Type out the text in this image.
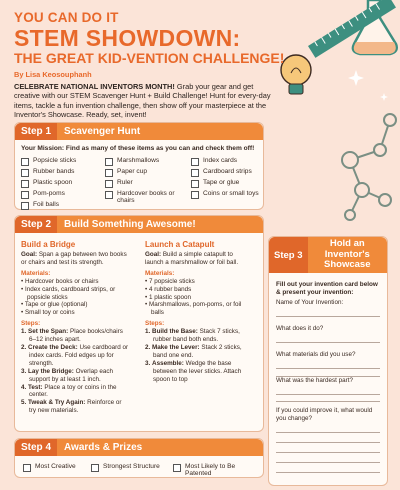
YOU CAN DO IT
STEM SHOWDOWN:
THE GREAT KID-VENTION CHALLENGE!
By Lisa Keosouphanh
CELEBRATE NATIONAL INVENTORS MONTH! Grab your gear and get creative with our STEM Scavenger Hunt + Build Challenge! Hunt for every-day items, tackle a fun invention challenge, then show off your masterpiece at the Inventor's Showcase. Ready, set, invent!
Step 1	Scavenger Hunt
Your Mission: Find as many of these items as you can and check them off!
Popsicle sticks
Rubber bands
Plastic spoon
Pom-poms
Foil balls
Marshmallows
Paper cup
Ruler
Hardcover books or chairs
Index cards
Cardboard strips
Tape or glue
Coins or small toys
Step 2	Build Something Awesome!
Build a Bridge
Goal: Span a gap between two books or chairs and test its strength.
Materials:
• Hardcover books or chairs
• Index cards, cardboard strips, or popsicle sticks
• Tape or glue (optional)
• Small toy or coins
Steps:
1. Set the Span: Place books/chairs 6–12 inches apart.
2. Create the Deck: Use cardboard or index cards. Fold edges up for strength.
3. Lay the Bridge: Overlap each support by at least 1 inch.
4. Test: Place a toy or coins in the center.
5. Tweak & Try Again: Reinforce or try new materials.
Launch a Catapult
Goal: Build a simple catapult to launch a marshmallow or foil ball.
Materials:
• 7 popsicle sticks
• 4 rubber bands
• 1 plastic spoon
• Marshmallows, pom-poms, or foil balls
Steps:
1. Build the Base: Stack 7 sticks, rubber band both ends.
2. Make the Lever: Stack 2 sticks, band one end.
3. Assemble: Wedge the base between the lever sticks. Attach spoon to top
Step 3
Hold an Inventor's Showcase
Fill out your invention card below & present your invention:
Name of Your Invention:
What does it do?
What materials did you use?
What was the hardest part?
If you could improve it, what would you change?
Step 4	Awards & Prizes
Most Creative	Strongest Structure	Most Likely to Be Patented
